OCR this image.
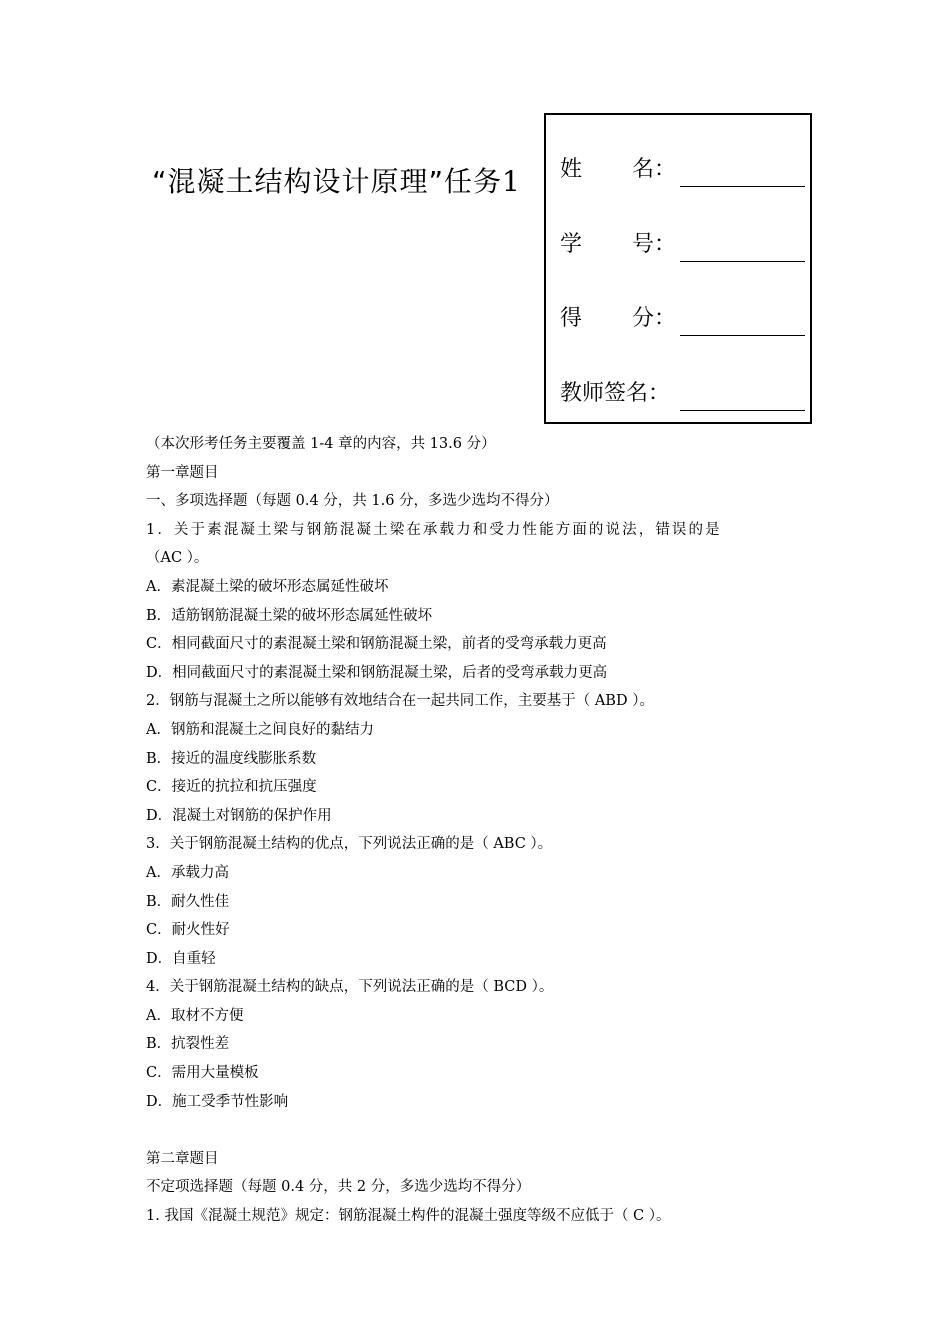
“混凝土结构设计原理”任务1 姓 名：
学 号：
得 分：
教师签名：
（本次形考任务主要覆盖 1-4 章的内容，共 13.6 分）
第一章题目
一、多项选择题（每题 0.4 分，共 1.6 分，多选少选均不得分）
1．关于素混凝土梁与钢筋混凝土梁在承载力和受力性能方面的说法，错误的是
（AC ）。
A．素混凝土梁的破坏形态属延性破坏
B．适筋钢筋混凝土梁的破坏形态属延性破坏
C．相同截面尺寸的素混凝土梁和钢筋混凝土梁，前者的受弯承载力更高
D．相同截面尺寸的素混凝土梁和钢筋混凝土梁，后者的受弯承载力更高
2．钢筋与混凝土之所以能够有效地结合在一起共同工作，主要基于（ ABD ）。
A．钢筋和混凝土之间良好的黏结力
B．接近的温度线膨胀系数
C．接近的抗拉和抗压强度
D．混凝土对钢筋的保护作用
3．关于钢筋混凝土结构的优点，下列说法正确的是（ ABC ）。
A．承载力高
B．耐久性佳
C．耐火性好
D．自重轻
4．关于钢筋混凝土结构的缺点，下列说法正确的是（ BCD ）。
A．取材不方便
B．抗裂性差
C．需用大量模板
D．施工受季节性影响
第二章题目
不定项选择题（每题 0.4 分，共 2 分，多选少选均不得分）
1. 我国《混凝土规范》规定：钢筋混凝土构件的混凝土强度等级不应低于（ C ）。
